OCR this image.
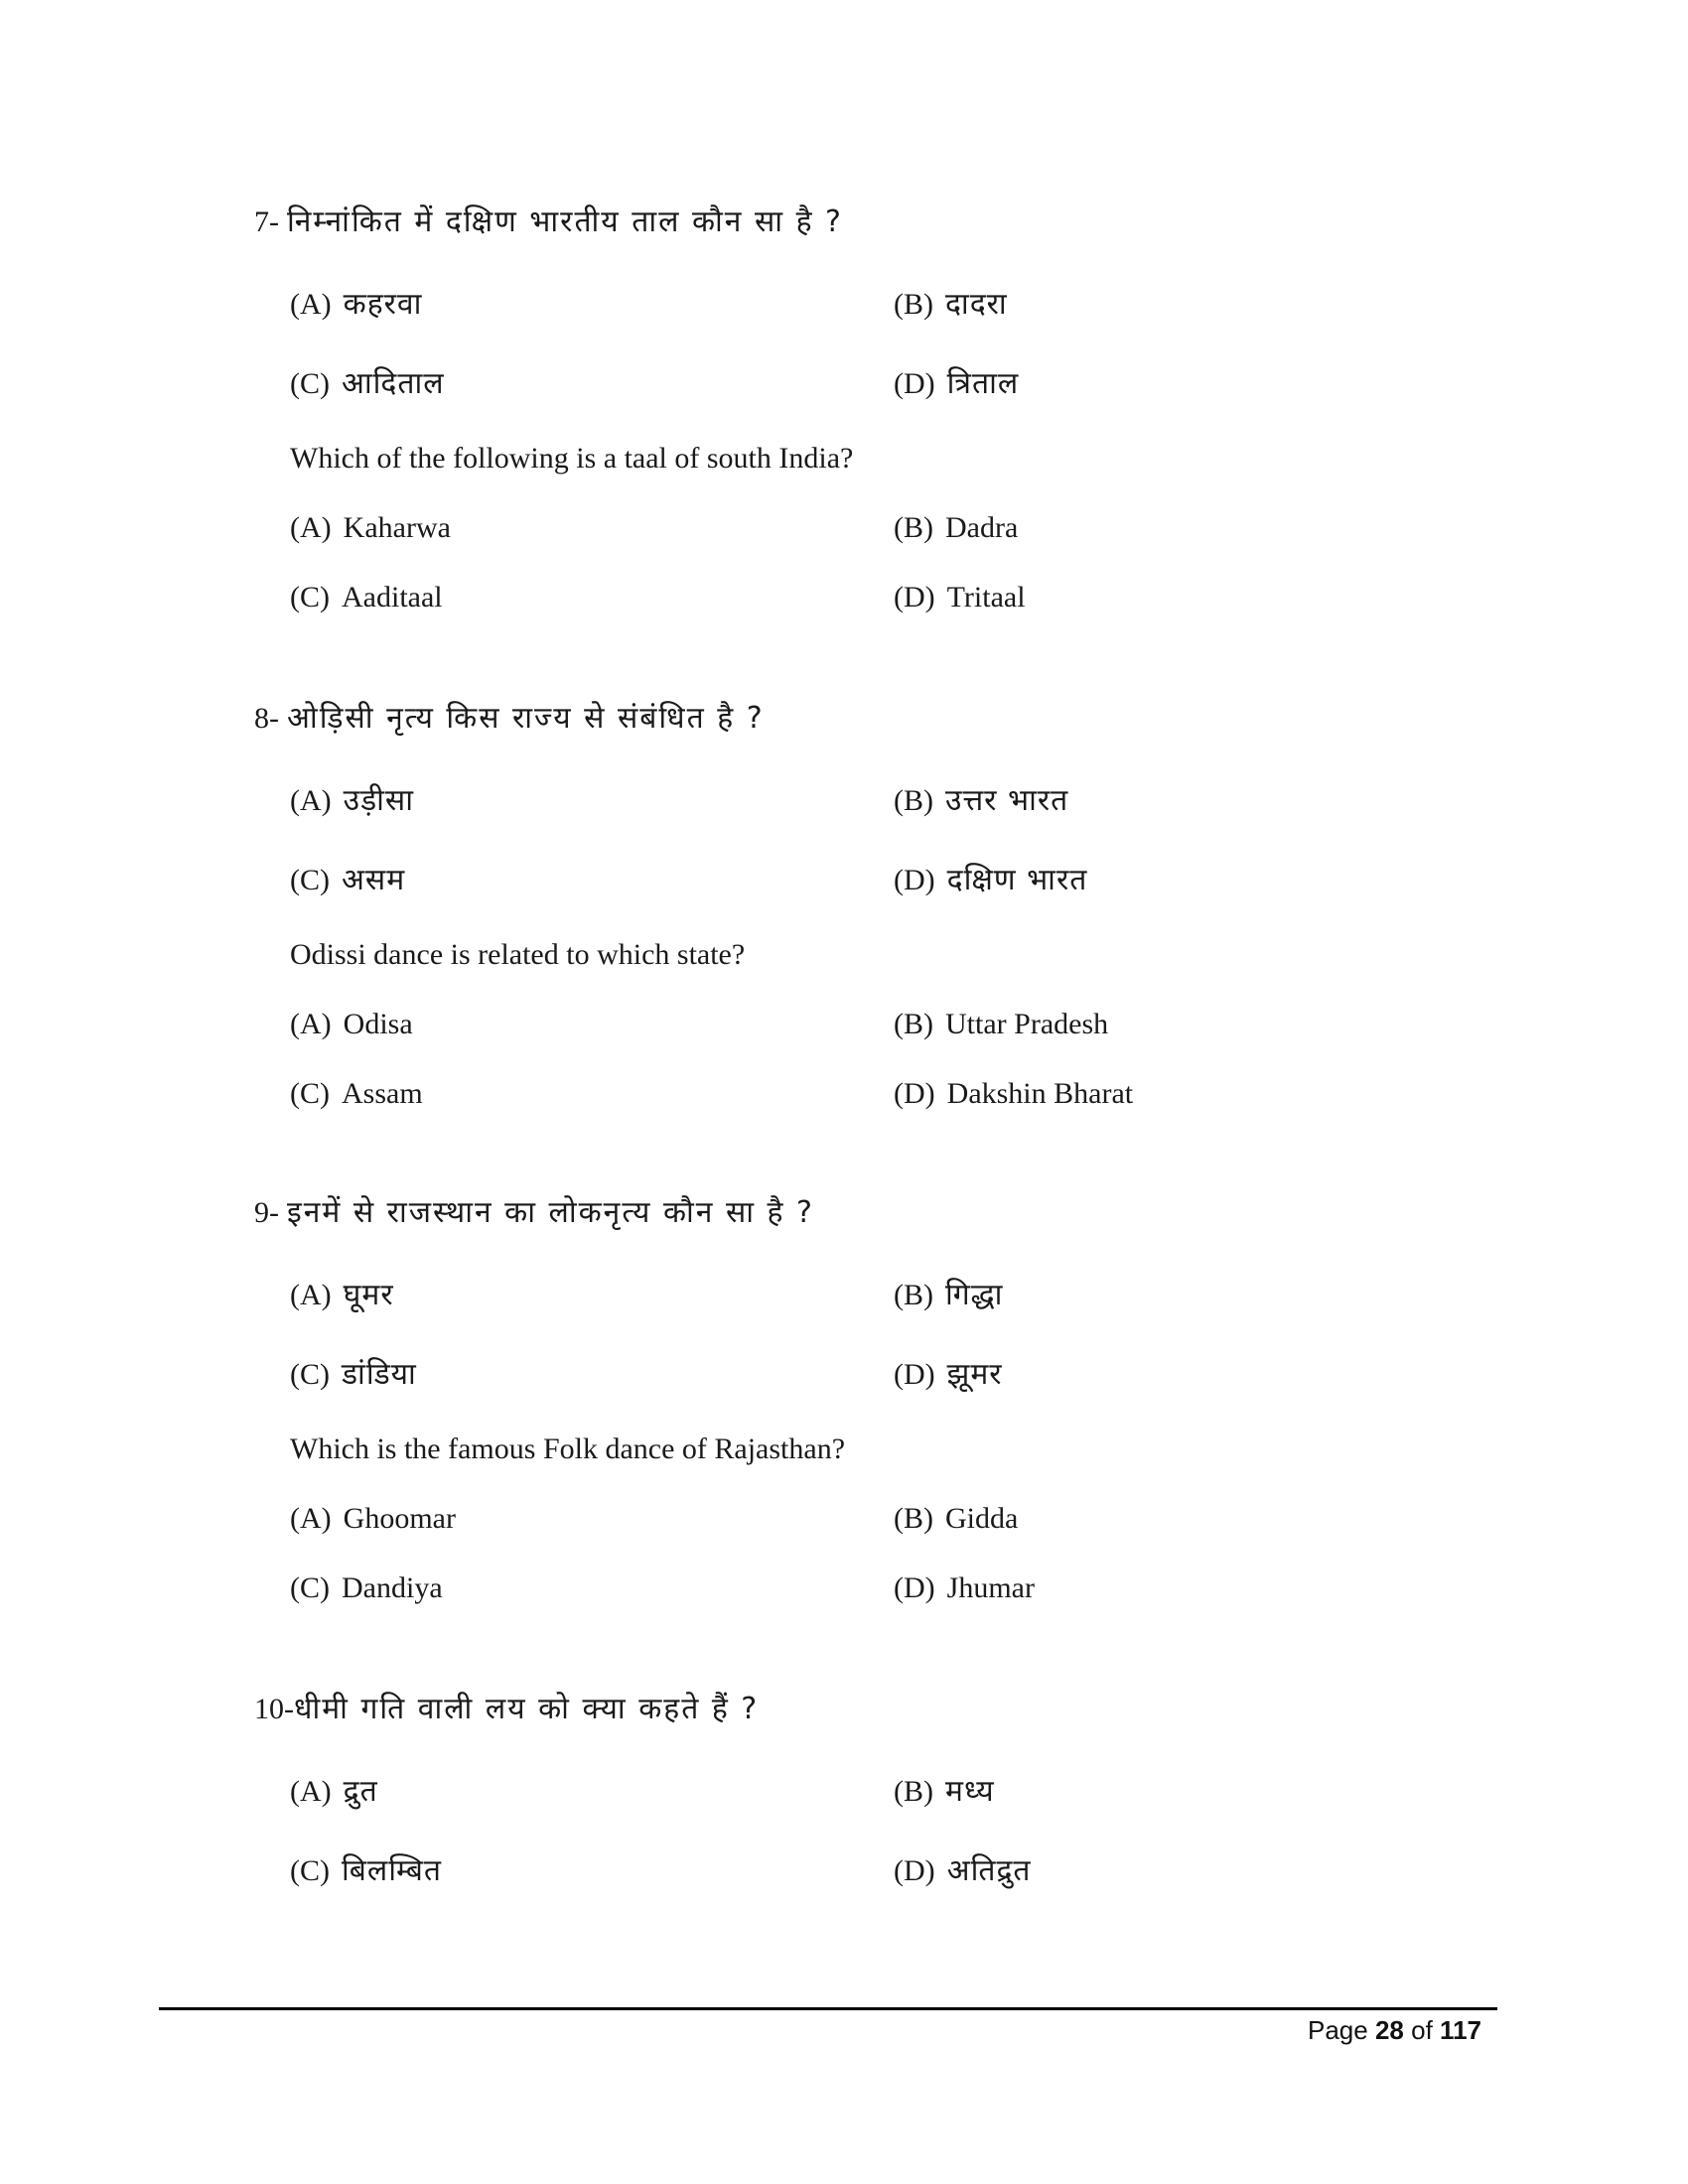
7- निम्नांकित में दक्षिण भारतीय ताल कौन सा है ?
(A) कहरवा	(B) दादरा
(C) आदिताल	(D) त्रिताल
Which of the following is a taal of south India?
(A) Kaharwa	(B) Dadra
(C) Aaditaal	(D) Tritaal
8- ओड़िसी नृत्य किस राज्य से संबंधित है ?
(A) उड़ीसा	(B) उत्तर भारत
(C) असम	(D) दक्षिण भारत
Odissi dance is related to which state?
(A) Odisa	(B) Uttar Pradesh
(C) Assam	(D) Dakshin Bharat
9- इनमें से राजस्थान का लोकनृत्य कौन सा है ?
(A) घूमर	(B) गिद्धा
(C) डांडिया	(D) झूमर
Which is the famous Folk dance of Rajasthan?
(A) Ghoomar	(B) Gidda
(C) Dandiya	(D) Jhumar
10-धीमी गति वाली लय को क्या कहते हैं ?
(A) द्रुत	(B) मध्य
(C) बिलम्बित	(D) अतिद्रुत
Page 28 of 117
